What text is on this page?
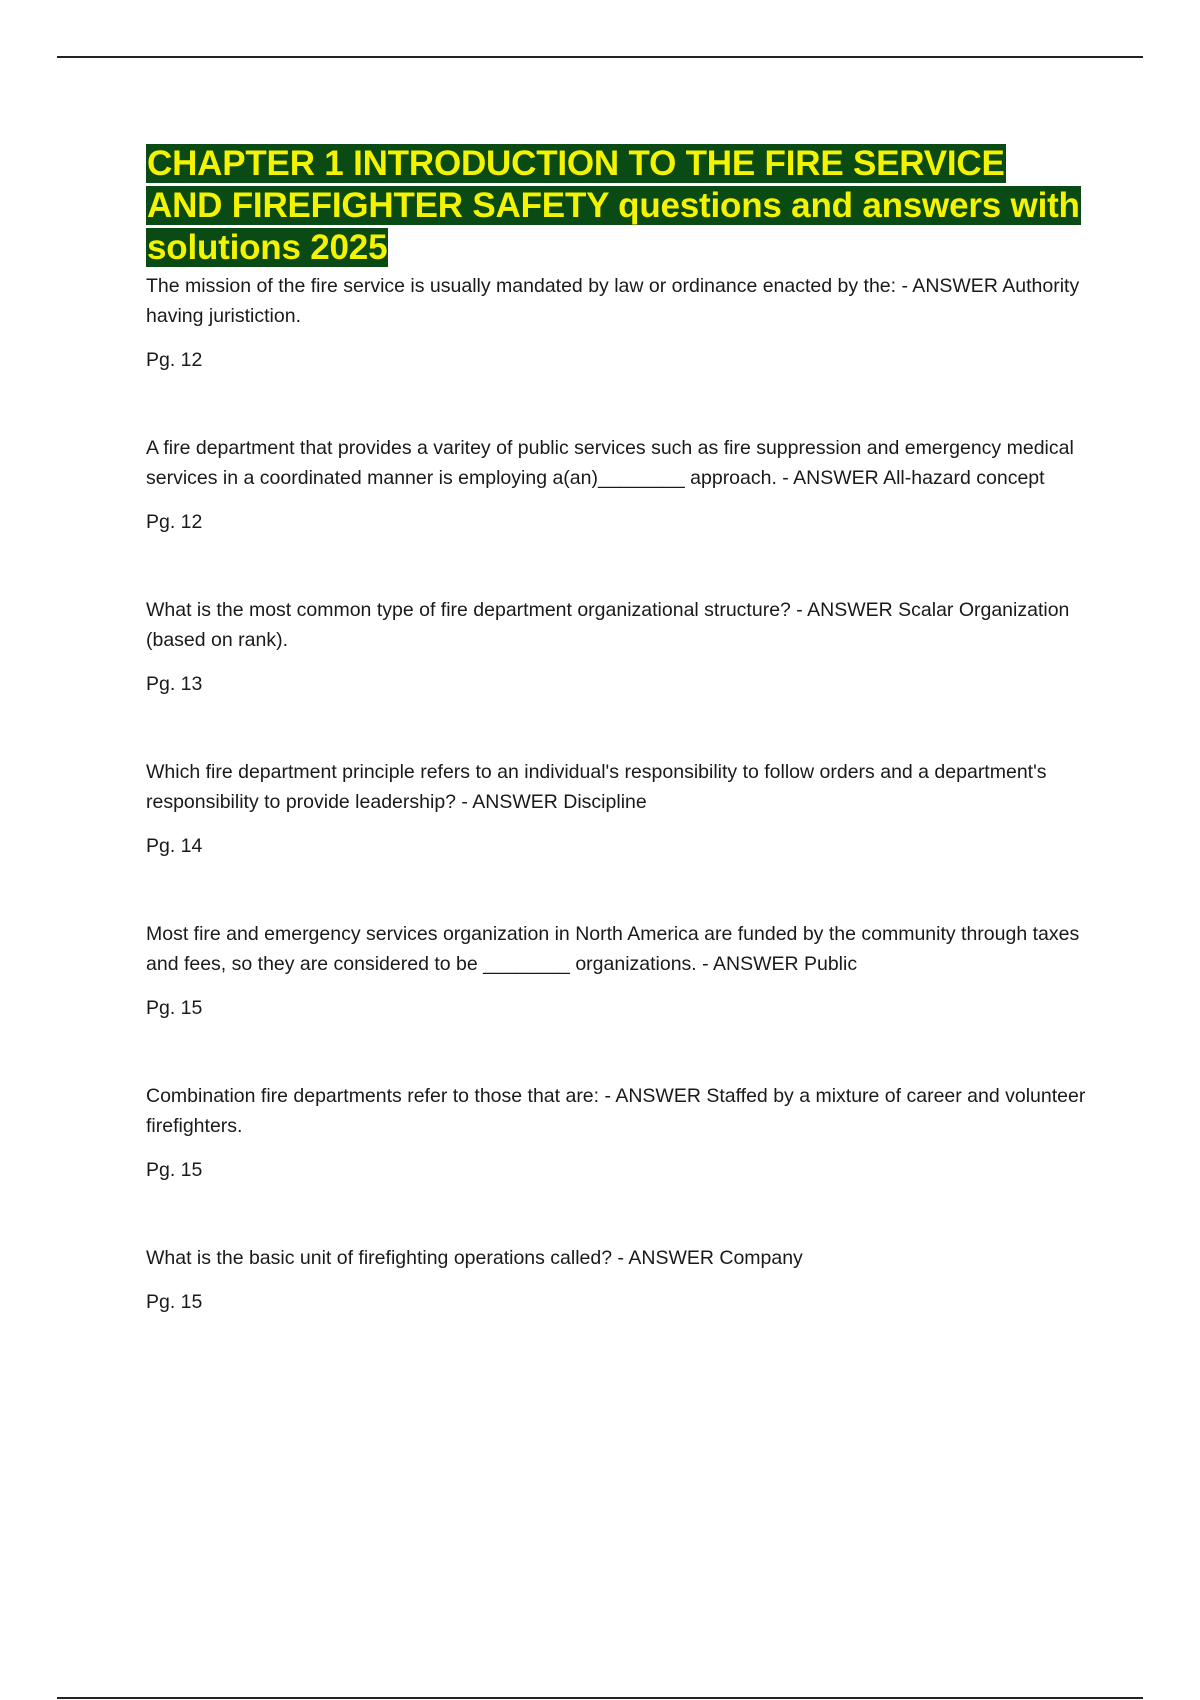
CHAPTER 1 INTRODUCTION TO THE FIRE SERVICE AND FIREFIGHTER SAFETY questions and answers with solutions 2025

The mission of the fire service is usually mandated by law or ordinance enacted by the: - ANSWER Authority having juristiction.

Pg. 12

A fire department that provides a varitey of public services such as fire suppression and emergency medical services in a coordinated manner is employing a(an)________ approach. - ANSWER All-hazard concept

Pg. 12

What is the most common type of fire department organizational structure? - ANSWER Scalar Organization (based on rank).

Pg. 13

Which fire department principle refers to an individual's responsibility to follow orders and a department's responsibility to provide leadership? - ANSWER Discipline

Pg. 14

Most fire and emergency services organization in North America are funded by the community through taxes and fees, so they are considered to be ________ organizations. - ANSWER Public

Pg. 15

Combination fire departments refer to those that are: - ANSWER Staffed by a mixture of career and volunteer firefighters.

Pg. 15

What is the basic unit of firefighting operations called? - ANSWER Company

Pg. 15
